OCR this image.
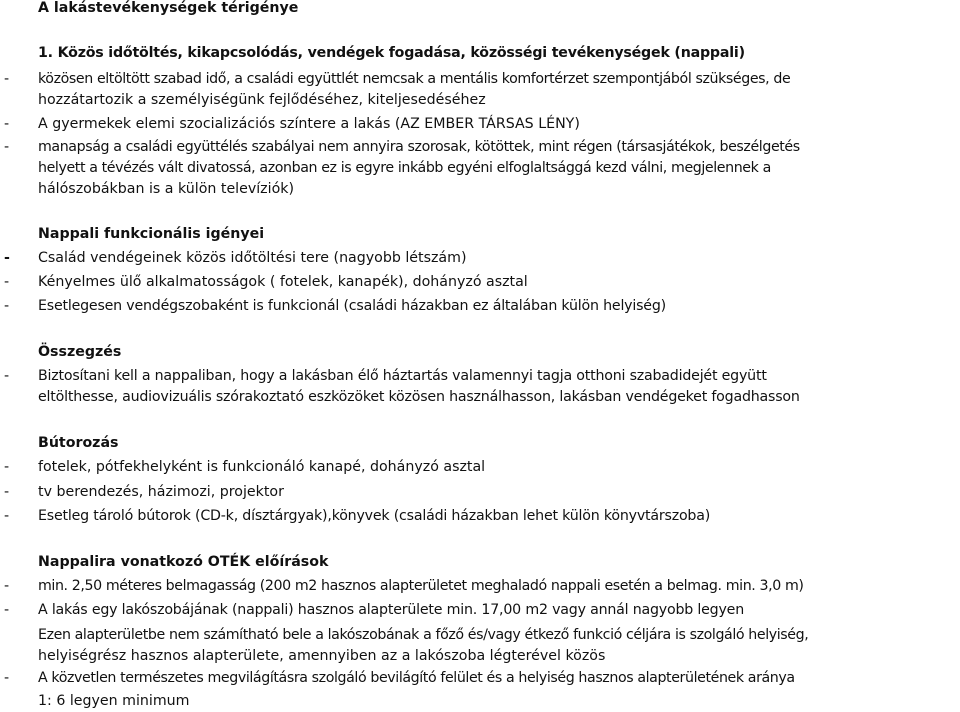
A lakástevékenységek térigénye
1. Közös időtöltés, kikapcsolódás, vendégek fogadása, közösségi tevékenységek (nappali)
- közösen eltöltött szabad idő, a családi együttlét nemcsak a mentális komfortérzet szempontjából szükséges, de
hozzátartozik a személyiségünk fejlődéséhez, kiteljesedéséhez
- A gyermekek elemi szocializációs színtere a lakás (AZ EMBER TÁRSAS LÉNY)
- manapság a családi együttélés szabályai nem annyira szorosak, kötöttek, mint régen (társasjátékok, beszélgetés
helyett a tévézés vált divatossá, azonban ez is egyre inkább egyéni elfoglaltsággá kezd válni, megjelennek a
hálószobákban is a külön televíziók)
Nappali funkcionális igényei
- Család vendégeinek közös időtöltési tere (nagyobb létszám)
- Kényelmes ülő alkalmatosságok ( fotelek, kanapék), dohányzó asztal
- Esetlegesen vendégszobaként is funkcionál (családi házakban ez általában külön helyiség)
Összegzés
- Biztosítani kell a nappaliban, hogy a lakásban élő háztartás valamennyi tagja otthoni szabadidejét együtt
eltölthesse, audiovizuális szórakoztató eszközöket közösen használhasson, lakásban vendégeket fogadhasson
Bútorozás
- fotelek, pótfekhelyként is funkcionáló kanapé, dohányzó asztal
- tv berendezés, házimozi, projektor
- Esetleg tároló bútorok (CD-k, dísztárgyak),könyvek (családi házakban lehet külön könyvtárszoba)
Nappalira vonatkozó OTÉK előírások
- min. 2,50 méteres belmagasság (200 m2 hasznos alapterületet meghaladó nappali esetén a belmag. min. 3,0 m)
- A lakás egy lakószobájának (nappali) hasznos alapterülete min. 17,00 m2 vagy annál nagyobb legyen
Ezen alapterületbe nem számítható bele a lakószobának a főző és/vagy étkező funkció céljára is szolgáló helyiség,
helyiségrész hasznos alapterülete, amennyiben az a lakószoba légterével közös
- A közvetlen természetes megvilágításra szolgáló bevilágító felület és a helyiség hasznos alapterületének aránya
1: 6 legyen minimum
